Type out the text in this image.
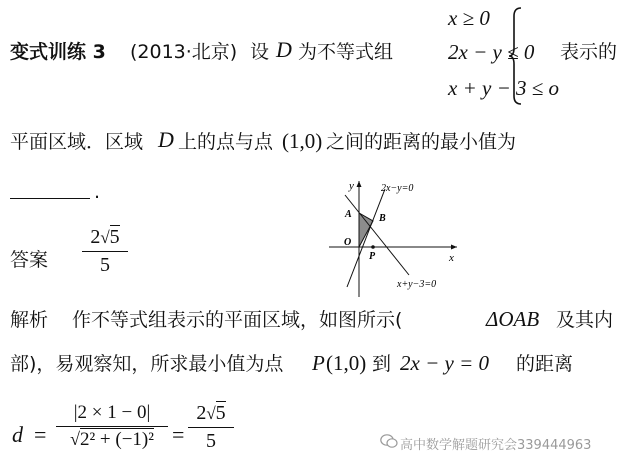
变式训练 3 (2013·北京) 设 D 为不等式组
x ≥ 0
2x − y ≤ 0
x + y − 3 ≤ o
表示的
平面区域．区域 D 上的点与点 (1,0) 之间的距离的最小值为
.
答案
2√5
5
y
x
2x−y=0
x+y−3=0
A	B
O
P
解析 作不等式组表示的平面区域，如图所示(	ΔOAB 及其内
部)，易观察知，所求最小值为点 P (1,0) 到 2x − y = 0 的距离
d =
|2 × 1 − 0|
√2² + (−1)² =
2√5
5	高中数学解题研究会339444963
